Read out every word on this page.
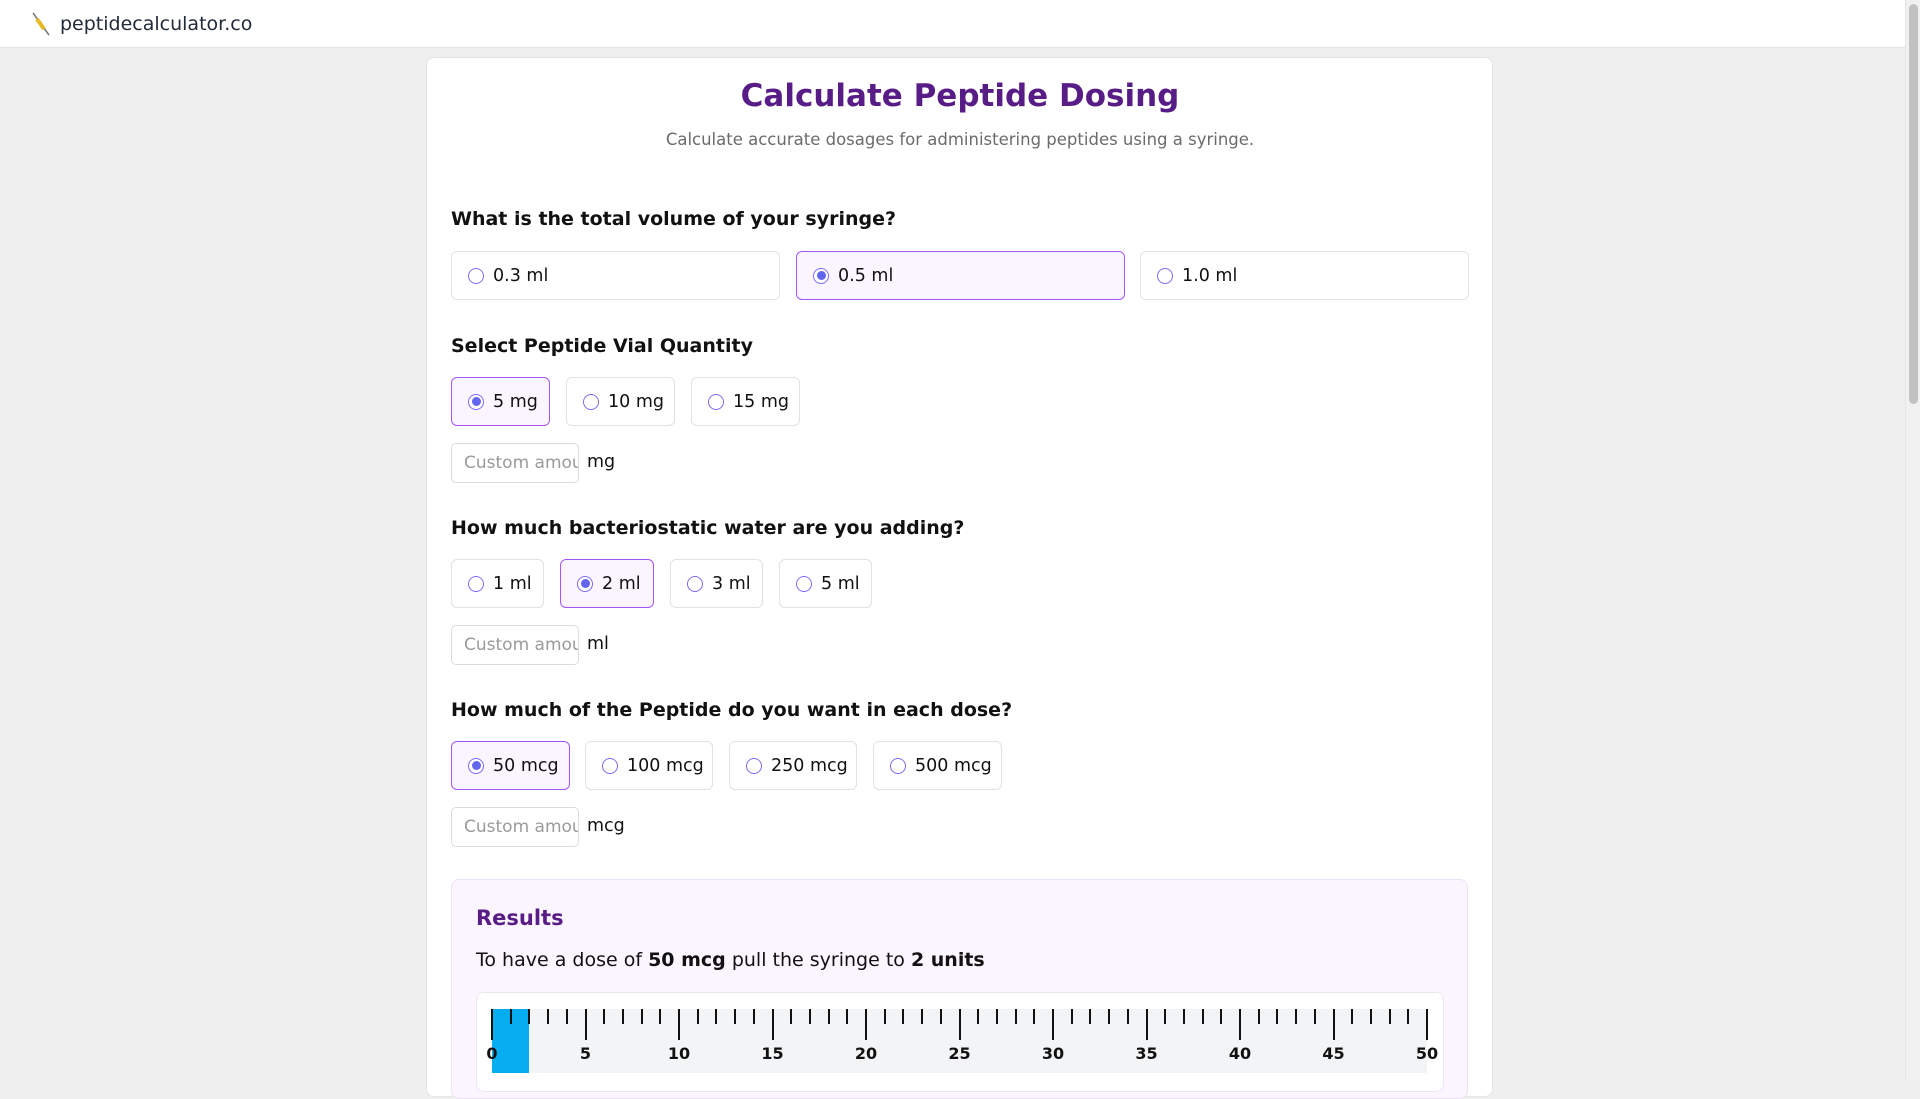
peptidecalculator.co
Calculate Peptide Dosing
Calculate accurate dosages for administering peptides using a syringe.
What is the total volume of your syringe?
0.3 ml	0.5 ml	1.0 ml
Select Peptide Vial Quantity
5 mg	10 mg	15 mg
Custom amount
mg
How much bacteriostatic water are you adding?
1 ml	2 ml	3 ml	5 ml
Custom amount
ml
How much of the Peptide do you want in each dose?
50 mcg	100 mcg	250 mcg	500 mcg
Custom amount
mcg
Results
To have a dose of 50 mcg pull the syringe to 2 units
0	5	10	15	20	25	30	35	40	45	50
